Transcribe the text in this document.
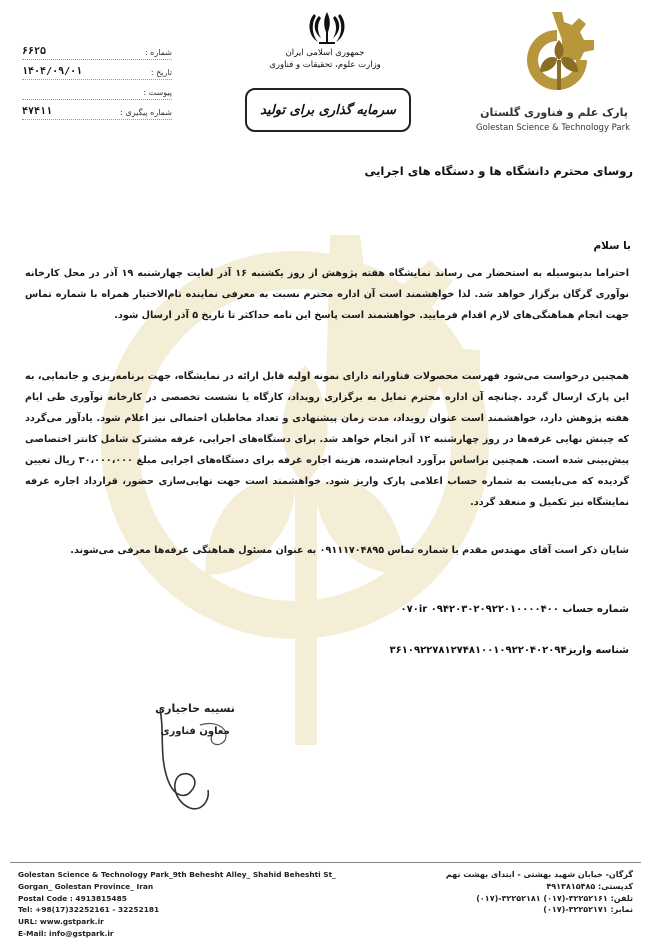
جمهوری اسلامی ایران
وزارت علوم، تحقیقات و فناوری
سرمایه گذاری برای تولید	پارک علم و فناوری گلستان
Golestan Science & Technology Park
شماره :
۶۶۲۵
تاریخ :
۱۴۰۴/۰۹/۰۱
پیوست :
شماره پیگیری :
۴۷۴۱۱
روسای محترم دانشگاه ها و دستگاه های اجرایی
با سلام
احتراما بدینوسیله به استحضار می رساند نمایشگاه هفته پژوهش از روز یکشنبه ۱۶ آذر لغایت چهارشنبه ۱۹ آذر در محل کارخانه نوآوری گرگان برگزار خواهد شد. لذا خواهشمند است آن اداره محترم نسبت به معرفی نماینده تام‌الاختیار همراه با شماره تماس جهت انجام هماهنگی‌های لازم اقدام فرمایید. خواهشمند است پاسخ این نامه حداکثر تا تاریخ ۵ آذر ارسال شود.
همچنین درخواست می‌شود فهرست محصولات فناورانه دارای نمونه اولیه قابل ارائه در نمایشگاه، جهت برنامه‌ریزی و جانمایی، به این پارک ارسال گردد .چنانچه آن اداره محترم تمایل به برگزاری رویداد، کارگاه یا نشست تخصصی در کارخانه نوآوری طی ایام هفته پژوهش دارد، خواهشمند است عنوان رویداد، مدت زمان پیشنهادی و تعداد مخاطبان احتمالی نیز اعلام شود. یادآور می‌گردد که چینش نهایی غرفه‌ها در روز چهارشنبه ۱۲ آذر انجام خواهد شد. برای دستگاه‌های اجرایی، غرفه مشترک شامل کانتر اختصاصی پیش‌بینی شده است. همچنین براساس برآورد انجام‌شده، هزینه اجاره غرفه برای دستگاه‌های اجرایی مبلغ ۳۰،۰۰۰،۰۰۰ ریال تعیین گردیده که می‌بایست به شماره حساب اعلامی پارک واریز شود. خواهشمند است جهت نهایی‌سازی حضور، قرارداد اجاره غرفه نمایشگاه نیز تکمیل و منعقد گردد.
شایان ذکر است آقای مهندس مقدم با شماره تماس ۰۹۱۱۱۷۰۴۸۹۵ به عنوان مسئول هماهنگی غرفه‌ها معرفی می‌شوند.
شماره حساب ۰۹۴‍‍۲۰۳۰۲۰۹۲۲۰۱۰۰۰۰۴۰۰ ۰۷۰ir
شناسه واریز۳۶۱۰۹۲۲۷۸۱۲۷۴۸۱۰۰۱۰۹۲۲۰۴۰۲۰۹۴
نسیبه حاجیاری
معاون فناوری
Golestan Science & Technology Park_9th Behesht Alley_ Shahid Beheshti St_
Gorgan_ Golestan Province_ Iran
Postal Code : 4913815485
Tel: +98(17)32252161 - 32252181
URL: www.gstpark.ir
E-Mail: info@gstpark.ir
گرگان- خیابان شهید بهشتی - ابتدای بهشت نهم
کدپستی: ۴۹۱۳۸۱۵۴۸۵
تلفن: ۳۲۲۵۲۱۶۱-(۰۱۷) ۳۲۲۵۲۱۸۱-(۰۱۷)
نمابر: ۳۲۲۵۲۱۷۱-(۰۱۷)
